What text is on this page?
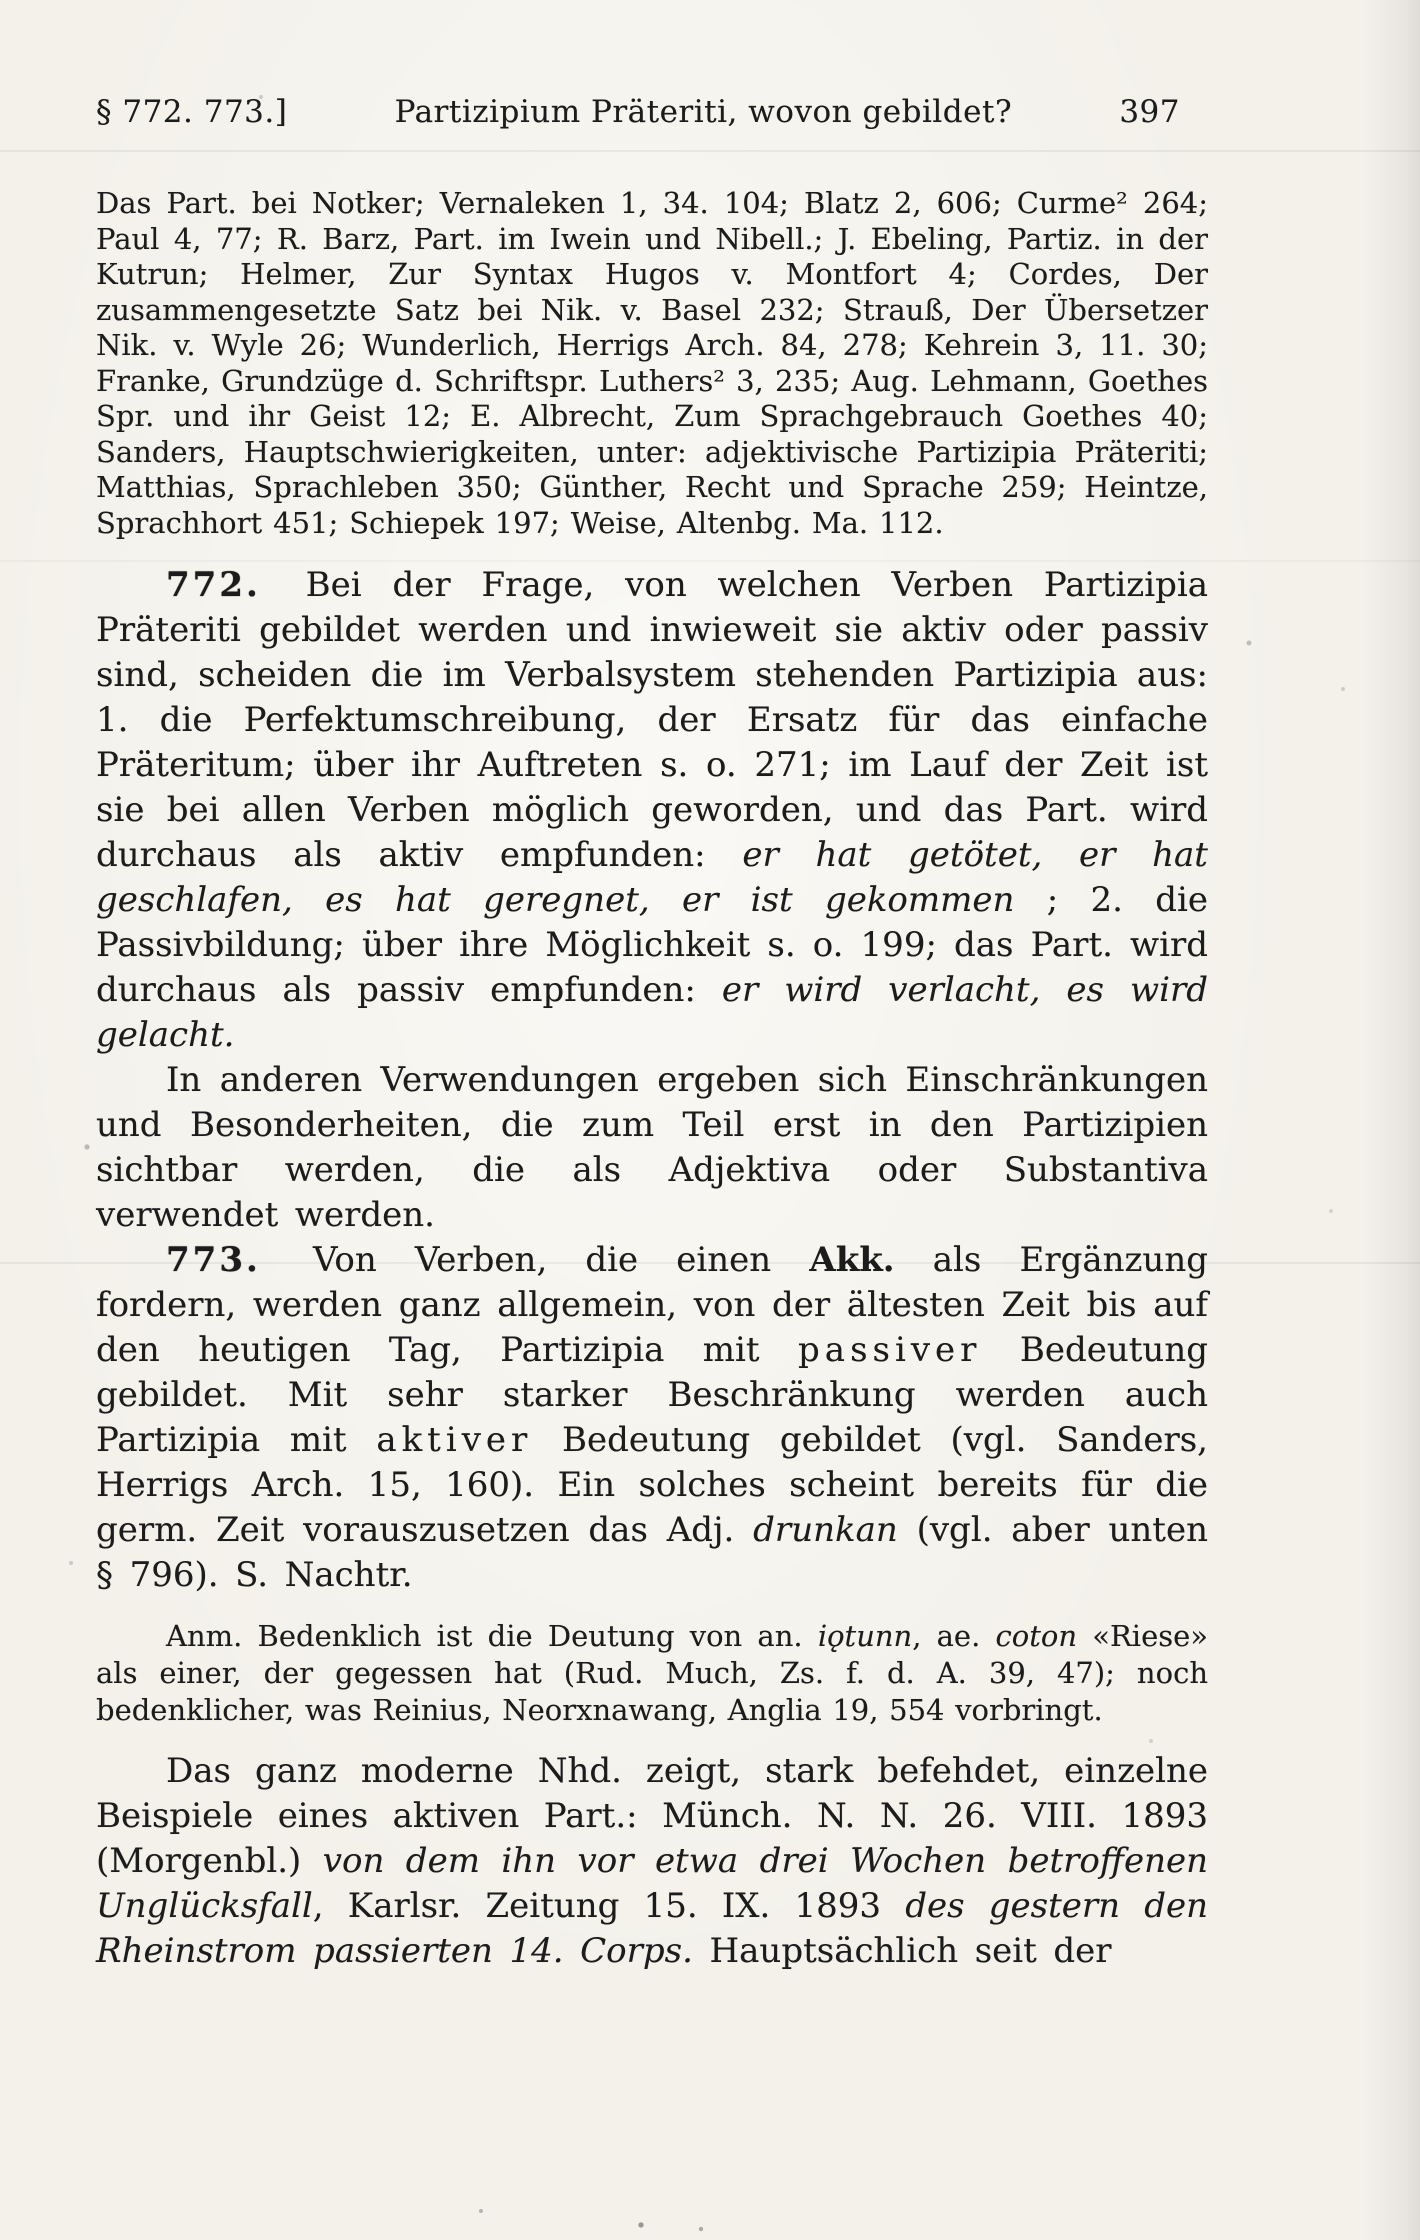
§ 772. 773.]	Partizipium Präteriti, wovon gebildet?	397

Das Part. bei Notker; Vernaleken 1, 34. 104; Blatz 2, 606; Curme² 264; Paul 4, 77; R. Barz, Part. im Iwein und Nibell.; J. Ebeling, Partiz. in der Kutrun; Helmer, Zur Syntax Hugos v. Montfort 4; Cordes, Der zusammengesetzte Satz bei Nik. v. Basel 232; Strauß, Der Übersetzer Nik. v. Wyle 26; Wunderlich, Herrigs Arch. 84, 278; Kehrein 3, 11. 30; Franke, Grundzüge d. Schriftspr. Luthers² 3, 235; Aug. Lehmann, Goethes Spr. und ihr Geist 12; E. Albrecht, Zum Sprachgebrauch Goethes 40; Sanders, Hauptschwierigkeiten, unter: adjektivische Partizipia Präteriti; Matthias, Sprachleben 350; Günther, Recht und Sprache 259; Heintze, Sprachhort 451; Schiepek 197; Weise, Altenbg. Ma. 112.

772. Bei der Frage, von welchen Verben Partizipia Präteriti gebildet werden und inwieweit sie aktiv oder passiv sind, scheiden die im Verbalsystem stehenden Partizipia aus: 1. die Perfektumschreibung, der Ersatz für das einfache Präteritum; über ihr Auftreten s. o. 271; im Lauf der Zeit ist sie bei allen Verben möglich geworden, und das Part. wird durchaus als aktiv empfunden: er hat getötet, er hat geschlafen, es hat geregnet, er ist gekommen ; 2. die Passivbildung; über ihre Möglichkeit s. o. 199; das Part. wird durchaus als passiv empfunden: er wird verlacht, es wird gelacht.

In anderen Verwendungen ergeben sich Einschränkungen und Besonderheiten, die zum Teil erst in den Partizipien sichtbar werden, die als Adjektiva oder Substantiva verwendet werden.

773. Von Verben, die einen Akk. als Ergänzung fordern, werden ganz allgemein, von der ältesten Zeit bis auf den heutigen Tag, Partizipia mit passiver Bedeutung gebildet. Mit sehr starker Beschränkung werden auch Partizipia mit aktiver Bedeutung gebildet (vgl. Sanders, Herrigs Arch. 15, 160). Ein solches scheint bereits für die germ. Zeit vorauszusetzen das Adj. drunkan (vgl. aber unten § 796). S. Nachtr.

Anm. Bedenklich ist die Deutung von an. iǫtunn, ae. coton «Riese» als einer, der gegessen hat (Rud. Much, Zs. f. d. A. 39, 47); noch bedenklicher, was Reinius, Neorxnawang, Anglia 19, 554 vorbringt.

Das ganz moderne Nhd. zeigt, stark befehdet, einzelne Beispiele eines aktiven Part.: Münch. N. N. 26. VIII. 1893 (Morgenbl.) von dem ihn vor etwa drei Wochen betroffenen Unglücksfall, Karlsr. Zeitung 15. IX. 1893 des gestern den Rheinstrom passierten 14. Corps. Hauptsächlich seit der
